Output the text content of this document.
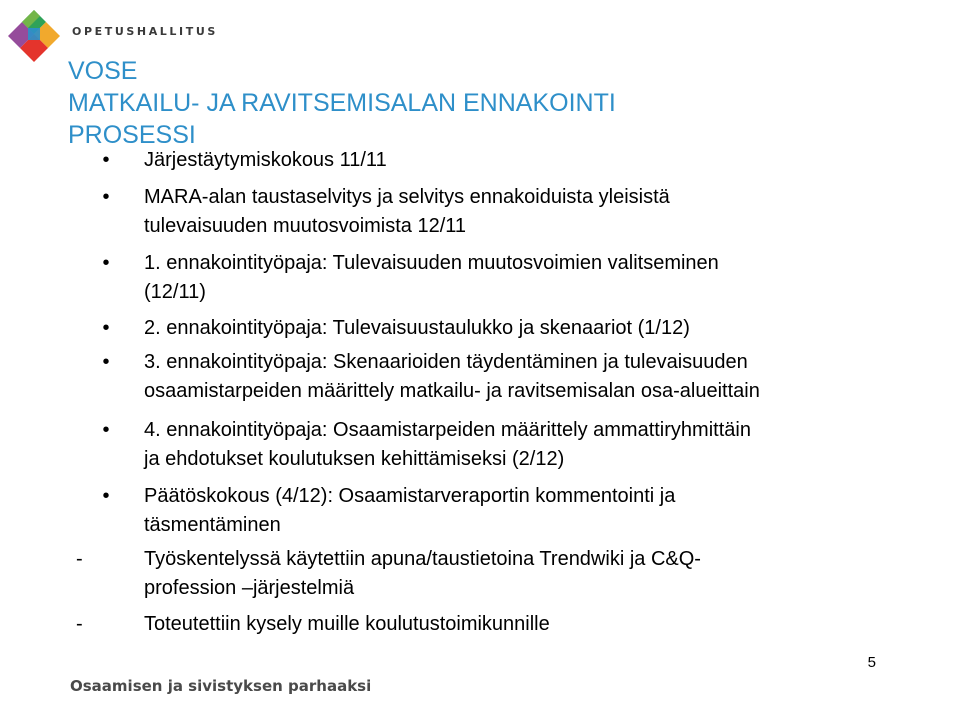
OPETUSHALLITUS
VOSE
MATKAILU- JA RAVITSEMISALAN ENNAKOINTI
PROSESSI
•	Järjestäytymiskokous 11/11
•	MARA-alan taustaselvitys ja selvitys ennakoiduista yleisistä
tulevaisuuden muutosvoimista 12/11
•	1. ennakointityöpaja: Tulevaisuuden muutosvoimien valitseminen
(12/11)
•	2. ennakointityöpaja: Tulevaisuustaulukko ja skenaariot (1/12)
•	3. ennakointityöpaja: Skenaarioiden täydentäminen ja tulevaisuuden
osaamistarpeiden määrittely matkailu- ja ravitsemisalan osa-alueittain
•	4. ennakointityöpaja: Osaamistarpeiden määrittely ammattiryhmittäin
ja ehdotukset koulutuksen kehittämiseksi (2/12)
•	Päätöskokous (4/12): Osaamistarveraportin kommentointi ja
täsmentäminen
-	Työskentelyssä käytettiin apuna/taustietoina Trendwiki ja C&Q-
profession –järjestelmiä
-	Toteutettiin kysely muille koulutustoimikunnille
5
Osaamisen ja sivistyksen parhaaksi
